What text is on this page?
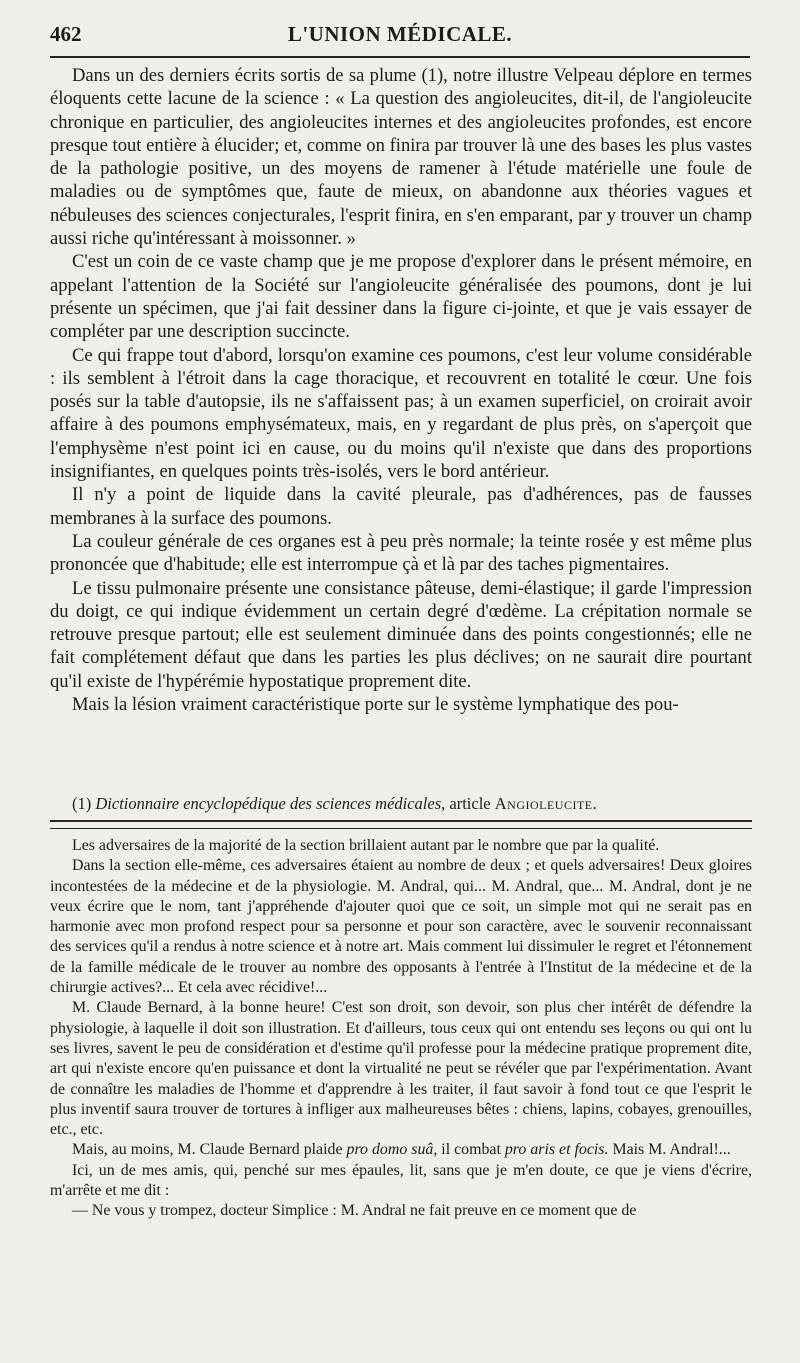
462	L'UNION MÉDICALE.

Dans un des derniers écrits sortis de sa plume (1), notre illustre Velpeau déplore en termes éloquents cette lacune de la science : « La question des angioleucites, dit-il, de l'angioleucite chronique en particulier, des angioleucites internes et des angioleucites profondes, est encore presque tout entière à élucider; et, comme on finira par trouver là une des bases les plus vastes de la pathologie positive, un des moyens de ramener à l'étude matérielle une foule de maladies ou de symptômes que, faute de mieux, on abandonne aux théories vagues et nébuleuses des sciences conjecturales, l'esprit finira, en s'en emparant, par y trouver un champ aussi riche qu'intéressant à moissonner. »

C'est un coin de ce vaste champ que je me propose d'explorer dans le présent mémoire, en appelant l'attention de la Société sur l'angioleucite généralisée des poumons, dont je lui présente un spécimen, que j'ai fait dessiner dans la figure ci-jointe, et que je vais essayer de compléter par une description succincte.

Ce qui frappe tout d'abord, lorsqu'on examine ces poumons, c'est leur volume considérable : ils semblent à l'étroit dans la cage thoracique, et recouvrent en totalité le cœur. Une fois posés sur la table d'autopsie, ils ne s'affaissent pas; à un examen superficiel, on croirait avoir affaire à des poumons emphysémateux, mais, en y regardant de plus près, on s'aperçoit que l'emphysème n'est point ici en cause, ou du moins qu'il n'existe que dans des proportions insignifiantes, en quelques points très-isolés, vers le bord antérieur.

Il n'y a point de liquide dans la cavité pleurale, pas d'adhérences, pas de fausses membranes à la surface des poumons.

La couleur générale de ces organes est à peu près normale; la teinte rosée y est même plus prononcée que d'habitude; elle est interrompue çà et là par des taches pigmentaires.

Le tissu pulmonaire présente une consistance pâteuse, demi-élastique; il garde l'impression du doigt, ce qui indique évidemment un certain degré d'œdème. La crépitation normale se retrouve presque partout; elle est seulement diminuée dans des points congestionnés; elle ne fait complétement défaut que dans les parties les plus déclives; on ne saurait dire pourtant qu'il existe de l'hypérémie hypostatique proprement dite.

Mais la lésion vraiment caractéristique porte sur le système lymphatique des pou-

(1) Dictionnaire encyclopédique des sciences médicales, article Angioleucite.

Les adversaires de la majorité de la section brillaient autant par le nombre que par la qualité.

Dans la section elle-même, ces adversaires étaient au nombre de deux ; et quels adversaires! Deux gloires incontestées de la médecine et de la physiologie. M. Andral, qui... M. Andral, que... M. Andral, dont je ne veux écrire que le nom, tant j'appréhende d'ajouter quoi que ce soit, un simple mot qui ne serait pas en harmonie avec mon profond respect pour sa personne et pour son caractère, avec le souvenir reconnaissant des services qu'il a rendus à notre science et à notre art. Mais comment lui dissimuler le regret et l'étonnement de la famille médicale de le trouver au nombre des opposants à l'entrée à l'Institut de la médecine et de la chirurgie actives?... Et cela avec récidive!...

M. Claude Bernard, à la bonne heure! C'est son droit, son devoir, son plus cher intérêt de défendre la physiologie, à laquelle il doit son illustration. Et d'ailleurs, tous ceux qui ont entendu ses leçons ou qui ont lu ses livres, savent le peu de considération et d'estime qu'il professe pour la médecine pratique proprement dite, art qui n'existe encore qu'en puissance et dont la virtualité ne peut se révéler que par l'expérimentation. Avant de connaître les maladies de l'homme et d'apprendre à les traiter, il faut savoir à fond tout ce que l'esprit le plus inventif saura trouver de tortures à infliger aux malheureuses bêtes : chiens, lapins, cobayes, grenouilles, etc., etc.

Mais, au moins, M. Claude Bernard plaide pro domo suâ, il combat pro aris et focis. Mais M. Andral!...

Ici, un de mes amis, qui, penché sur mes épaules, lit, sans que je m'en doute, ce que je viens d'écrire, m'arrête et me dit :

— Ne vous y trompez, docteur Simplice : M. Andral ne fait preuve en ce moment que de
